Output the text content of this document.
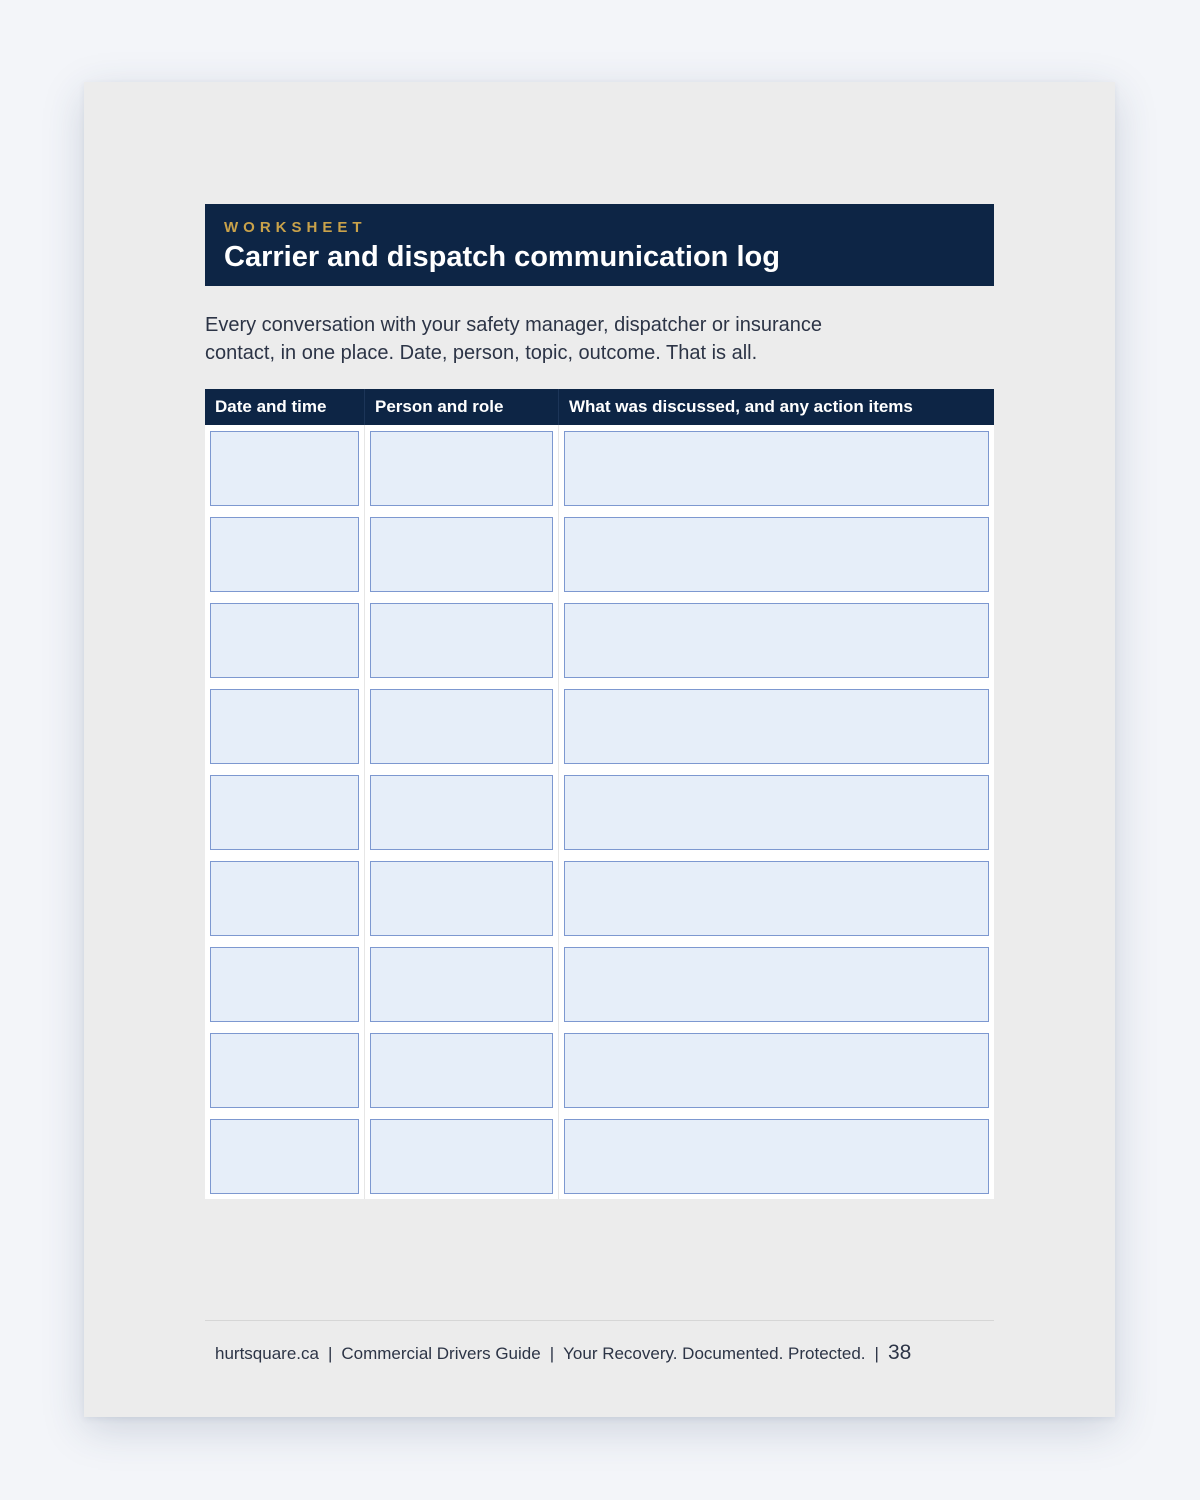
WORKSHEET
Carrier and dispatch communication log
Every conversation with your safety manager, dispatcher or insurance
contact, in one place. Date, person, topic, outcome. That is all.
Date and time	Person and role	What was discussed, and any action items

hurtsquare.ca | Commercial Drivers Guide | Your Recovery. Documented. Protected. | 38
